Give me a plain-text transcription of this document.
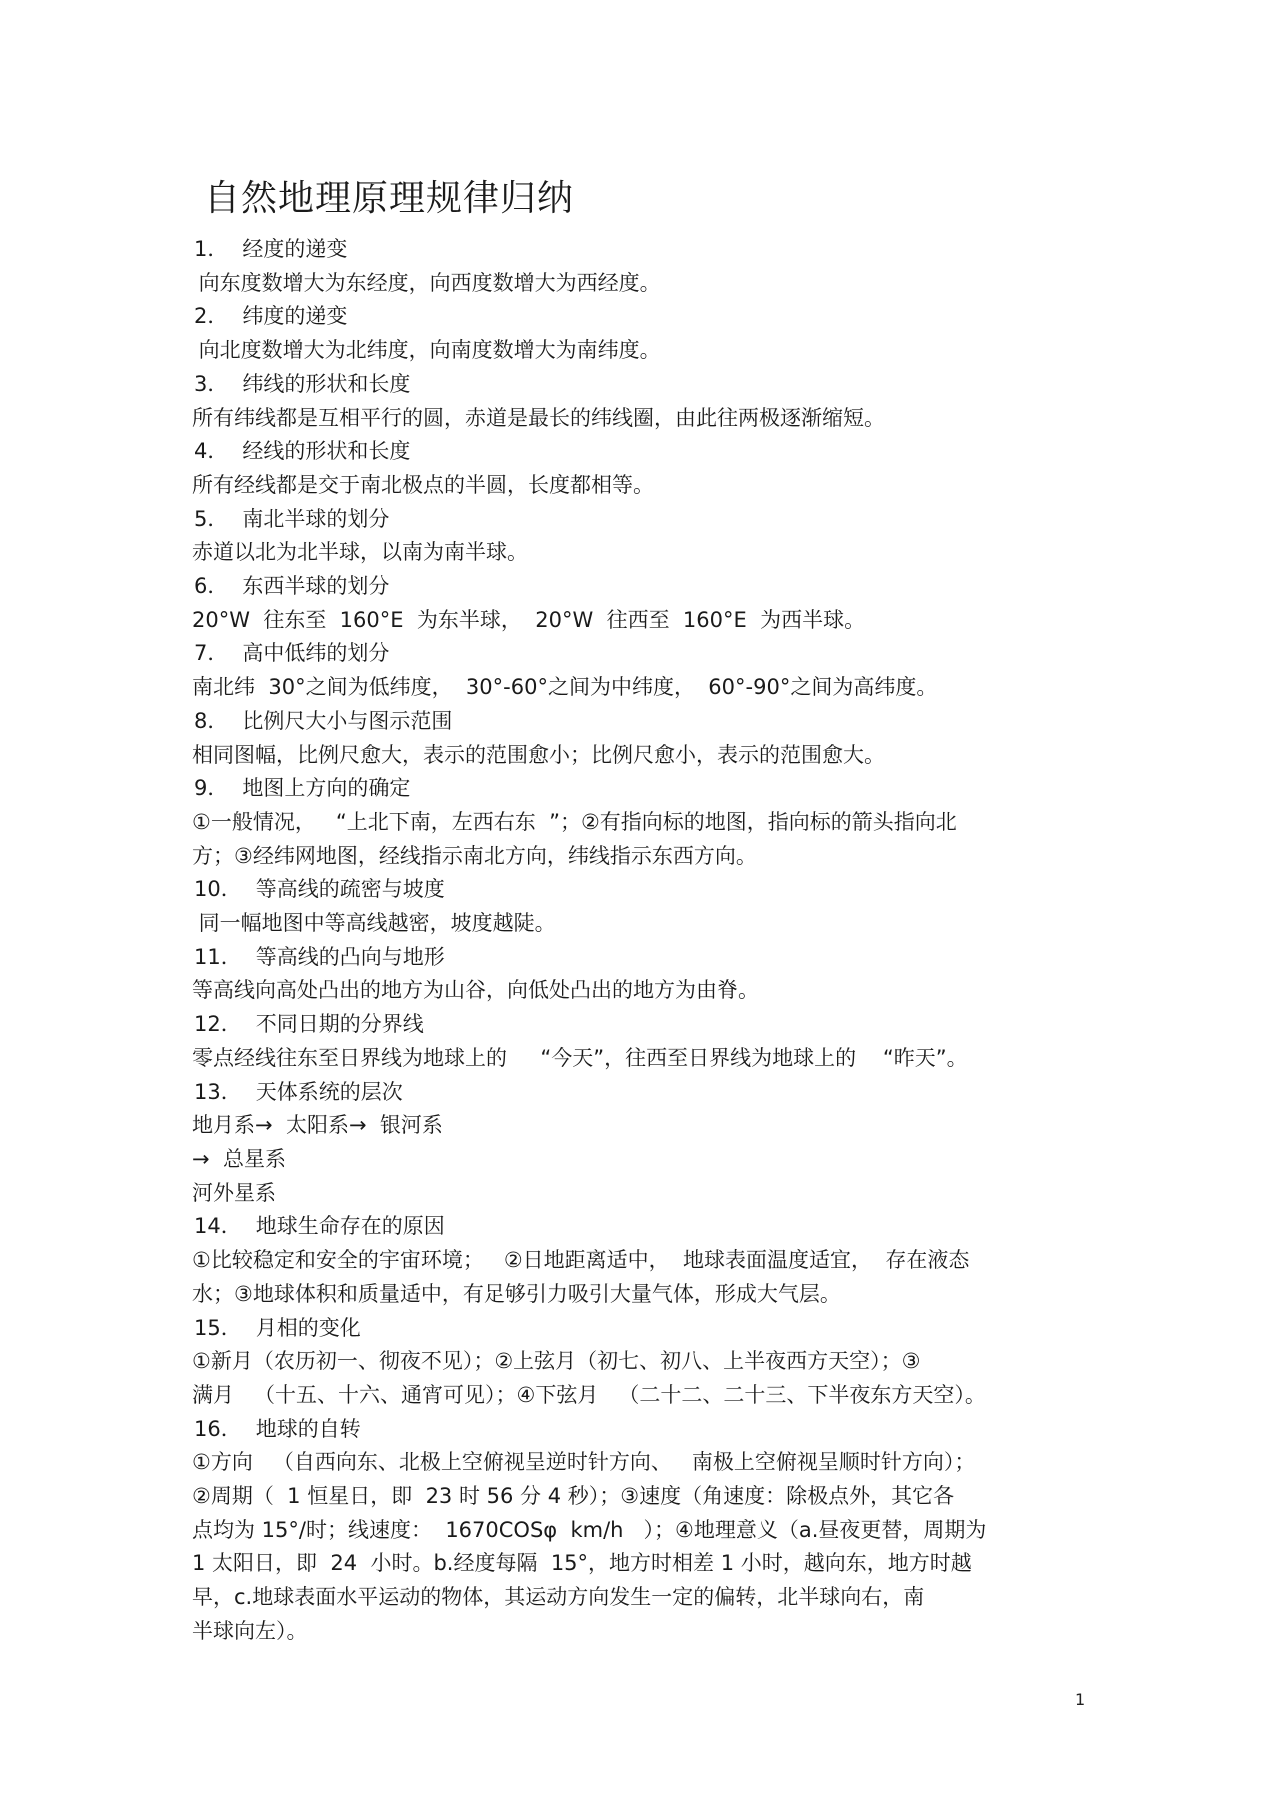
自然地理原理规律归纳

1． 经度的递变

向东度数增大为东经度，向西度数增大为西经度。

2． 纬度的递变

向北度数增大为北纬度，向南度数增大为南纬度。

3． 纬线的形状和长度

所有纬线都是互相平行的圆，赤道是最长的纬线圈，由此往两极逐渐缩短。

4． 经线的形状和长度

所有经线都是交于南北极点的半圆，长度都相等。

5． 南北半球的划分

赤道以北为北半球，以南为南半球。

6． 东西半球的划分

20°W  往东至  160°E  为东半球，  20°W  往西至  160°E  为西半球。

7． 高中低纬的划分

南北纬  30°之间为低纬度，  30°-60°之间为中纬度，  60°-90°之间为高纬度。

8． 比例尺大小与图示范围

相同图幅，比例尺愈大，表示的范围愈小；比例尺愈小，表示的范围愈大。

9． 地图上方向的确定

①一般情况，   “上北下南，左西右东  ”；②有指向标的地图，指向标的箭头指向北

方；③经纬网地图，经线指示南北方向，纬线指示东西方向。

10． 等高线的疏密与坡度

同一幅地图中等高线越密，坡度越陡。

11． 等高线的凸向与地形

等高线向高处凸出的地方为山谷，向低处凸出的地方为由脊。

12． 不同日期的分界线

零点经线往东至日界线为地球上的     “今天”，往西至日界线为地球上的    “昨天”。

13． 天体系统的层次

地月系→  太阳系→  银河系

→  总星系

河外星系

14． 地球生命存在的原因

①比较稳定和安全的宇宙环境；   ②日地距离适中，  地球表面温度适宜，  存在液态

水；③地球体积和质量适中，有足够引力吸引大量气体，形成大气层。

15． 月相的变化

①新月（农历初一、彻夜不见）；②上弦月（初七、初八、上半夜西方天空）；③

满月   （十五、十六、通宵可见）；④下弦月   （二十二、二十三、下半夜东方天空）。

16． 地球的自转

①方向   （自西向东、北极上空俯视呈逆时针方向、   南极上空俯视呈顺时针方向）；

②周期（  1 恒星日，即  23 时 56 分 4 秒）；③速度（角速度：除极点外，其它各

点均为 15°/时；线速度：  1670COSφ  km/h   ）；④地理意义（a.昼夜更替，周期为

1 太阳日，即  24  小时。b.经度每隔  15°，地方时相差 1 小时，越向东，地方时越

早，c.地球表面水平运动的物体，其运动方向发生一定的偏转，北半球向右，南

半球向左）。

1
